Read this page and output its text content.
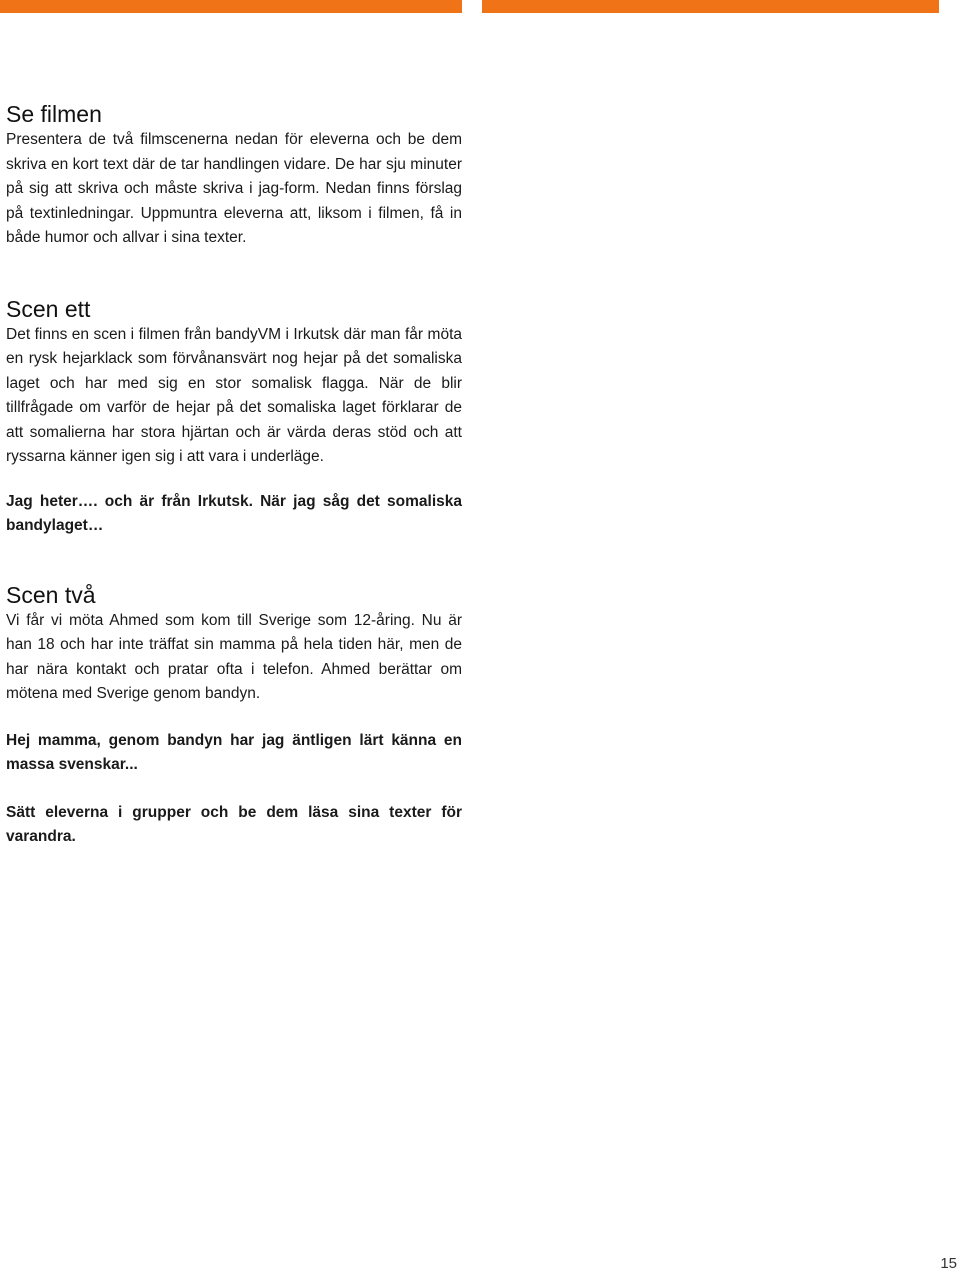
Se filmen

Presentera de två filmscenerna nedan för eleverna och be dem skriva en kort text där de tar handlingen vidare. De har sju minuter på sig att skriva och måste skriva i jag-form. Nedan finns förslag på textinledningar. Uppmuntra eleverna att, liksom i filmen, få in både humor och allvar i sina texter.

Scen ett

Det finns en scen i filmen från bandyVM i Irkutsk där man får möta en rysk hejarklack som förvånansvärt nog hejar på det somaliska laget och har med sig en stor somalisk flagga. När de blir tillfrågade om varför de hejar på det somaliska laget förklarar de att somalierna har stora hjärtan och är värda deras stöd och att ryssarna känner igen sig i att vara i underläge.

Jag heter…. och är från Irkutsk. När jag såg det somaliska bandylaget…

Scen två

Vi får vi möta Ahmed som kom till Sverige som 12-åring. Nu är han 18 och har inte träffat sin mamma på hela tiden här, men de har nära kontakt och pratar ofta i telefon. Ahmed berättar om mötena med Sverige genom bandyn.

Hej mamma, genom bandyn har jag äntligen lärt känna en massa svenskar...

Sätt eleverna i grupper och be dem läsa sina texter för varandra.

15
